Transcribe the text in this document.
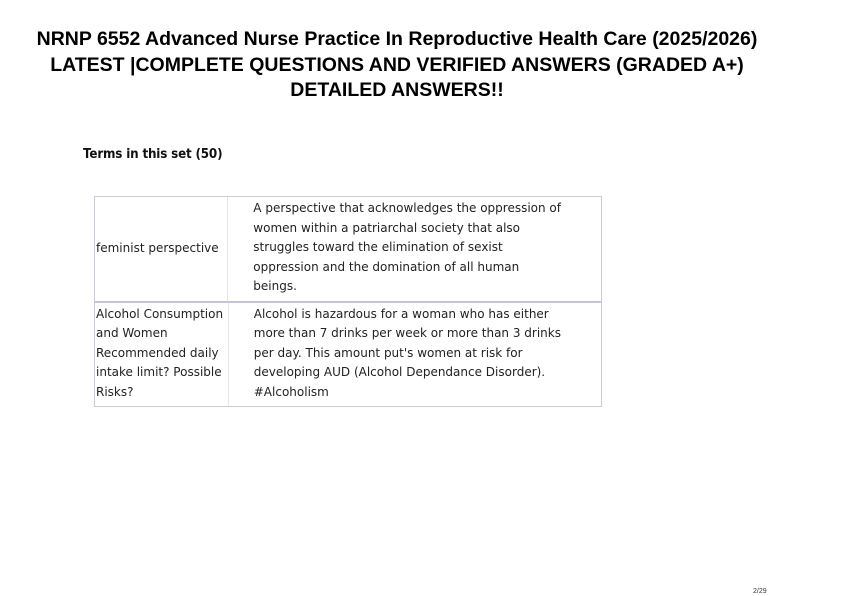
NRNP 6552 Advanced Nurse Practice In Reproductive Health Care (2025/2026)
LATEST |COMPLETE QUESTIONS AND VERIFIED ANSWERS (GRADED A+)
DETAILED ANSWERS!!
Terms in this set (50)
feminist perspective
A perspective that acknowledges the oppression of
women within a patriarchal society that also
struggles toward the elimination of sexist
oppression and the domination of all human
beings.
Alcohol Consumption
and Women
Recommended daily
intake limit? Possible
Risks?
Alcohol is hazardous for a woman who has either
more than 7 drinks per week or more than 3 drinks
per day. This amount put's women at risk for
developing AUD (Alcohol Dependance Disorder).
#Alcoholism
2/29
